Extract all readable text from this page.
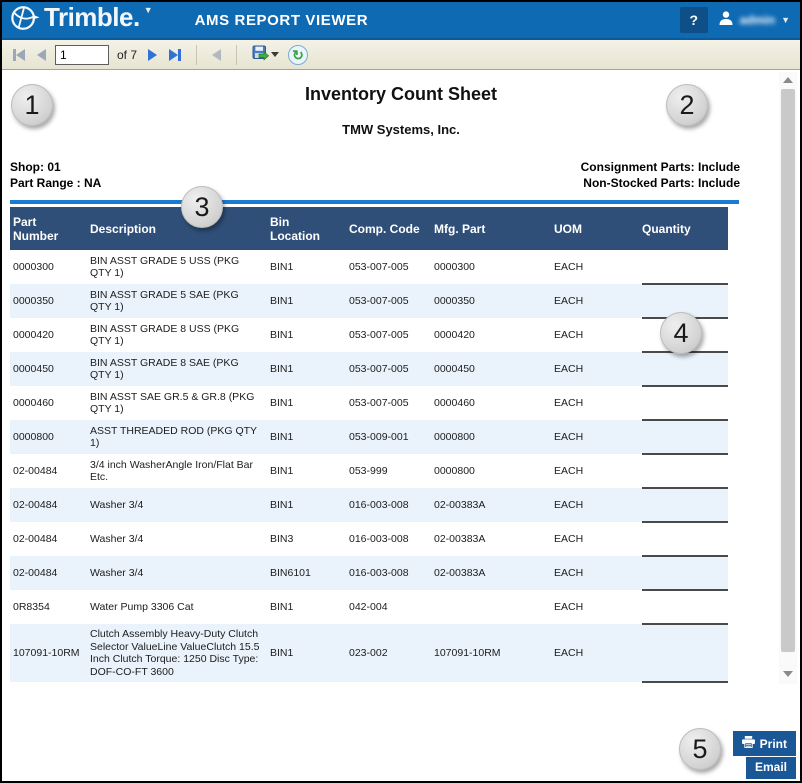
Trimble. ▼
AMS REPORT VIEWER	?	admin ▼
1
of 7	↻
Inventory Count Sheet
TMW Systems, Inc.
Shop: 01
Part Range : NA
Consignment Parts: Include
Non-Stocked Parts: Include
Part Number	Description	Bin Location	Comp. Code	Mfg. Part	UOM	Quantity
0000300	BIN ASST GRADE 5 USS (PKG QTY 1)	BIN1	053-007-005	0000300	EACH	
0000350	BIN ASST GRADE 5 SAE (PKG QTY 1)	BIN1	053-007-005	0000350	EACH	
0000420	BIN ASST GRADE 8 USS (PKG QTY 1)	BIN1	053-007-005	0000420	EACH	
0000450	BIN ASST GRADE 8 SAE (PKG QTY 1)	BIN1	053-007-005	0000450	EACH	
0000460	BIN ASST SAE GR.5 & GR.8 (PKG QTY 1)	BIN1	053-007-005	0000460	EACH	
0000800	ASST THREADED ROD (PKG QTY 1)	BIN1	053-009-001	0000800	EACH	
02-00484	3/4 inch WasherAngle Iron/Flat Bar Etc.	BIN1	053-999	0000800	EACH	
02-00484	Washer 3/4	BIN1	016-003-008	02-00383A	EACH	
02-00484	Washer 3/4	BIN3	016-003-008	02-00383A	EACH	
02-00484	Washer 3/4	BIN6101	016-003-008	02-00383A	EACH	
0R8354	Water Pump 3306 Cat	BIN1	042-004		EACH	
107091-10RM	Clutch Assembly Heavy-Duty Clutch Selector ValueLine ValueClutch 15.5 Inch Clutch Torque: 1250 Disc Type: DOF-CO-FT 3600	BIN1	023-002	107091-10RM	EACH	
1	2
3
4
5	Print
Email
